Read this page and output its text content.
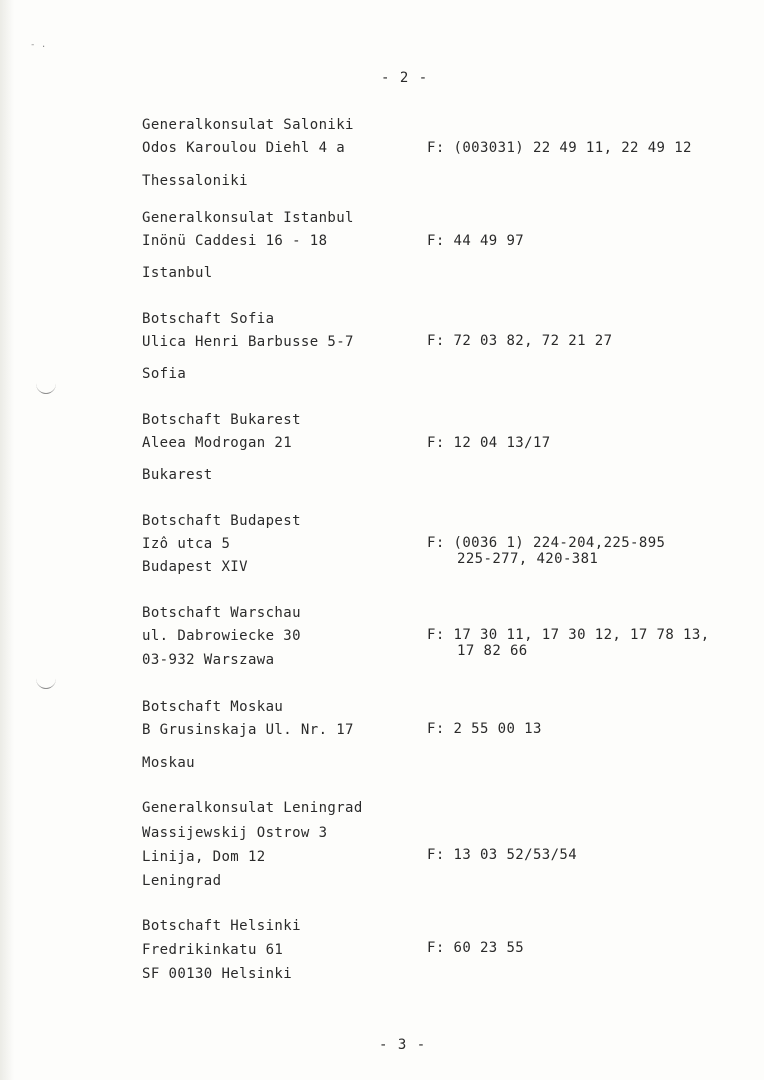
- .
- 2 -
Generalkonsulat Saloniki
Odos Karoulou Diehl 4 a
Thessaloniki
F: (003031) 22 49 11, 22 49 12
Generalkonsulat Istanbul
Inönü Caddesi 16 - 18
Istanbul
F: 44 49 97
Botschaft Sofia
Ulica Henri Barbusse 5-7
Sofia
F: 72 03 82, 72 21 27
Botschaft Bukarest
Aleea Modrogan 21
Bukarest
F: 12 04 13/17
Botschaft Budapest
Izô utca 5
Budapest XIV
F: (0036 1) 224-204,225-895
225-277, 420-381
Botschaft Warschau
ul. Dabrowiecke 30
03-932 Warszawa
F: 17 30 11, 17 30 12, 17 78 13,
17 82 66
Botschaft Moskau
B Grusinskaja Ul. Nr. 17
Moskau
F: 2 55 00 13
Generalkonsulat Leningrad
Wassijewskij Ostrow 3
Linija, Dom 12
Leningrad
F: 13 03 52/53/54
Botschaft Helsinki
Fredrikinkatu 61
SF 00130 Helsinki
F: 60 23 55
- 3 -
